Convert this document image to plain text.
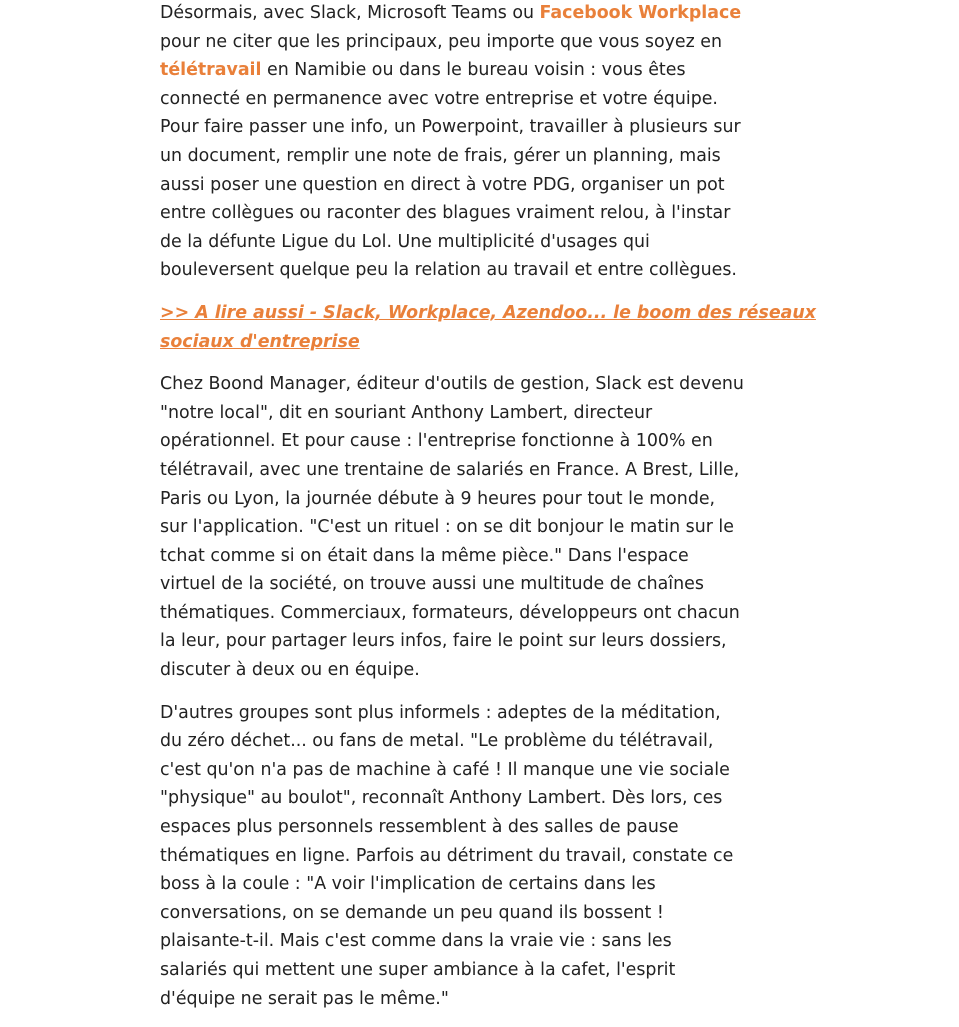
Désormais, avec Slack, Microsoft Teams ou Facebook Workplace
pour ne citer que les principaux, peu importe que vous soyez en
télétravail en Namibie ou dans le bureau voisin : vous êtes
connecté en permanence avec votre entreprise et votre équipe.
Pour faire passer une info, un Powerpoint, travailler à plusieurs sur
un document, remplir une note de frais, gérer un planning, mais
aussi poser une question en direct à votre PDG, organiser un pot
entre collègues ou raconter des blagues vraiment relou, à l'instar
de la défunte Ligue du Lol. Une multiplicité d'usages qui
bouleversent quelque peu la relation au travail et entre collègues.

>> A lire aussi - Slack, Workplace, Azendoo... le boom des réseaux
sociaux d'entreprise

Chez Boond Manager, éditeur d'outils de gestion, Slack est devenu
"notre local", dit en souriant Anthony Lambert, directeur
opérationnel. Et pour cause : l'entreprise fonctionne à 100% en
télétravail, avec une trentaine de salariés en France. A Brest, Lille,
Paris ou Lyon, la journée débute à 9 heures pour tout le monde,
sur l'application. "C'est un rituel : on se dit bonjour le matin sur le
tchat comme si on était dans la même pièce." Dans l'espace
virtuel de la société, on trouve aussi une multitude de chaînes
thématiques. Commerciaux, formateurs, développeurs ont chacun
la leur, pour partager leurs infos, faire le point sur leurs dossiers,
discuter à deux ou en équipe.

D'autres groupes sont plus informels : adeptes de la méditation,
du zéro déchet... ou fans de metal. "Le problème du télétravail,
c'est qu'on n'a pas de machine à café ! Il manque une vie sociale
"physique" au boulot", reconnaît Anthony Lambert. Dès lors, ces
espaces plus personnels ressemblent à des salles de pause
thématiques en ligne. Parfois au détriment du travail, constate ce
boss à la coule : "A voir l'implication de certains dans les
conversations, on se demande un peu quand ils bossent !
plaisante-t-il. Mais c'est comme dans la vraie vie : sans les
salariés qui mettent une super ambiance à la cafet, l'esprit
d'équipe ne serait pas le même."
